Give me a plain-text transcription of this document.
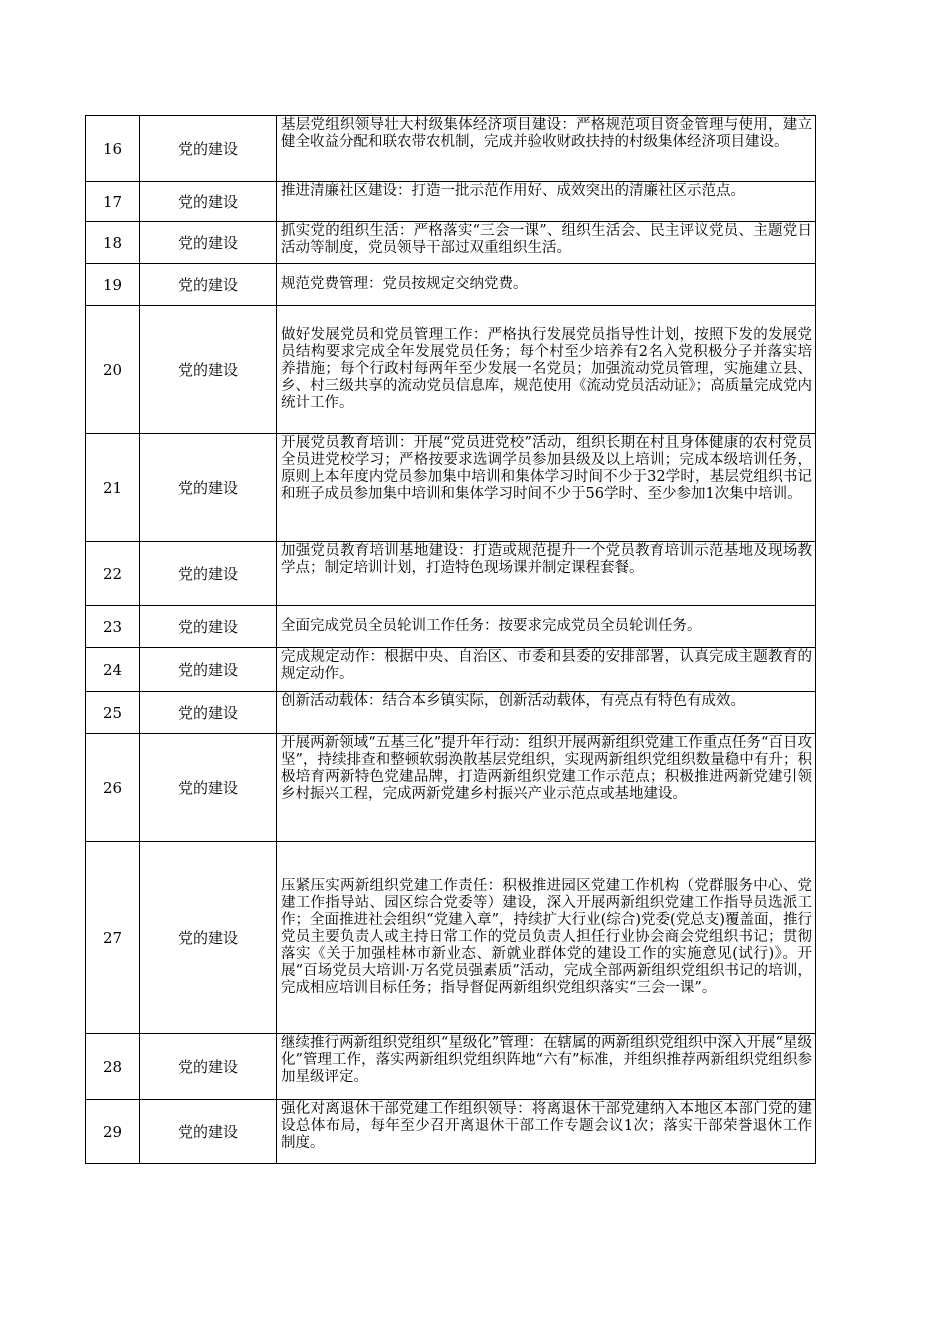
16	党的建设	基层党组织领导壮大村级集体经济项目建设：严格规范项目资金管理与使用，建立健全收益分配和联农带农机制，完成并验收财政扶持的村级集体经济项目建设。
17	党的建设	推进清廉社区建设：打造一批示范作用好、成效突出的清廉社区示范点。
18	党的建设	抓实党的组织生活：严格落实“三会一课”、组织生活会、民主评议党员、主题党日活动等制度，党员领导干部过双重组织生活。
19	党的建设	规范党费管理：党员按规定交纳党费。
20	党的建设	做好发展党员和党员管理工作：严格执行发展党员指导性计划，按照下发的发展党员结构要求完成全年发展党员任务；每个村至少培养有2名入党积极分子并落实培养措施；每个行政村每两年至少发展一名党员；加强流动党员管理，实施建立县、乡、村三级共享的流动党员信息库，规范使用《流动党员活动证》；高质量完成党内统计工作。
21	党的建设	开展党员教育培训：开展“党员进党校”活动，组织长期在村且身体健康的农村党员全员进党校学习；严格按要求选调学员参加县级及以上培训；完成本级培训任务，原则上本年度内党员参加集中培训和集体学习时间不少于32学时，基层党组织书记和班子成员参加集中培训和集体学习时间不少于56学时、至少参加1次集中培训。
22	党的建设	加强党员教育培训基地建设：打造或规范提升一个党员教育培训示范基地及现场教学点；制定培训计划，打造特色现场课并制定课程套餐。
23	党的建设	全面完成党员全员轮训工作任务：按要求完成党员全员轮训任务。
24	党的建设	完成规定动作：根据中央、自治区、市委和县委的安排部署，认真完成主题教育的规定动作。
25	党的建设	创新活动载体：结合本乡镇实际，创新活动载体，有亮点有特色有成效。
26	党的建设	开展两新领域“五基三化”提升年行动：组织开展两新组织党建工作重点任务“百日攻坚”，持续排查和整顿软弱涣散基层党组织，实现两新组织党组织数量稳中有升；积极培育两新特色党建品牌，打造两新组织党建工作示范点；积极推进两新党建引领乡村振兴工程，完成两新党建乡村振兴产业示范点或基地建设。
27	党的建设	压紧压实两新组织党建工作责任：积极推进园区党建工作机构（党群服务中心、党建工作指导站、园区综合党委等）建设，深入开展两新组织党建工作指导员选派工作；全面推进社会组织“党建入章”，持续扩大行业(综合)党委(党总支)覆盖面，推行党员主要负责人或主持日常工作的党员负责人担任行业协会商会党组织书记；贯彻落实《关于加强桂林市新业态、新就业群体党的建设工作的实施意见(试行)》。开展“百场党员大培训·万名党员强素质”活动，完成全部两新组织党组织书记的培训，完成相应培训目标任务；指导督促两新组织党组织落实“三会一课”。
28	党的建设	继续推行两新组织党组织“星级化”管理：在辖属的两新组织党组织中深入开展“星级化”管理工作，落实两新组织党组织阵地“六有”标准，并组织推荐两新组织党组织参加星级评定。
29	党的建设	强化对离退休干部党建工作组织领导：将离退休干部党建纳入本地区本部门党的建设总体布局，每年至少召开离退休干部工作专题会议1次；落实干部荣誉退休工作制度。
